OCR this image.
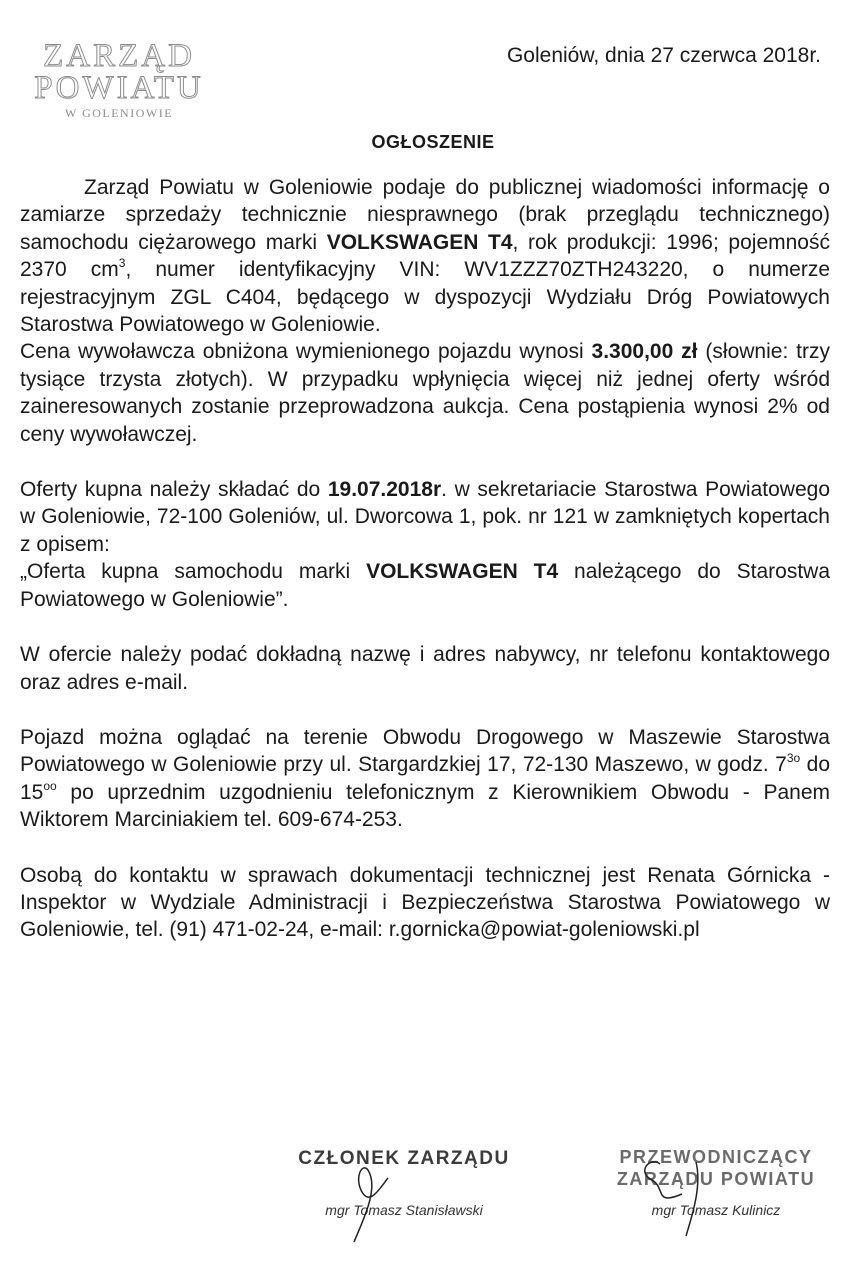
ZARZĄD
POWIATU
W GOLENIOWIE
Goleniów, dnia 27 czerwca 2018r.
OGŁOSZENIE

Zarząd Powiatu w Goleniowie podaje do publicznej wiadomości informację o zamiarze sprzedaży technicznie niesprawnego (brak przeglądu technicznego) samochodu ciężarowego marki VOLKSWAGEN T4, rok produkcji: 1996; pojemność 2370 $cm^3$, numer identyfikacyjny VIN: WV1ZZZ70ZTH243220, o numerze rejestracyjnym ZGL C404, będącego w dyspozycji Wydziału Dróg Powiatowych Starostwa Powiatowego w Goleniowie.

Cena wywoławcza obniżona wymienionego pojazdu wynosi 3.300,00 zł (słownie: trzy tysiące trzysta złotych). W przypadku wpłynięcia więcej niż jednej oferty wśród zaineresowanych zostanie przeprowadzona aukcja. Cena postąpienia wynosi 2% od ceny wywoławczej.

Oferty kupna należy składać do 19.07.2018r. w sekretariacie Starostwa Powiatowego w Goleniowie, 72-100 Goleniów, ul. Dworcowa 1, pok. nr 121 w zamkniętych kopertach z opisem:
„Oferta kupna samochodu marki VOLKSWAGEN T4 należącego do Starostwa Powiatowego w Goleniowie”.

W ofercie należy podać dokładną nazwę i adres nabywcy, nr telefonu kontaktowego oraz adres e-mail.

Pojazd można oglądać na terenie Obwodu Drogowego w Maszewie Starostwa Powiatowego w Goleniowie przy ul. Stargardzkiej 17, 72-130 Maszewo, w godz. $7^{3o}$ do $15^{oo}$ po uprzednim uzgodnieniu telefonicznym z Kierownikiem Obwodu - Panem Wiktorem Marciniakiem tel. 609-674-253.

Osobą do kontaktu w sprawach dokumentacji technicznej jest Renata Górnicka - Inspektor w Wydziale Administracji i Bezpieczeństwa Starostwa Powiatowego w Goleniowie, tel. (91) 471-02-24, e-mail: r.gornicka@powiat-goleniowski.pl

CZŁONEK ZARZĄDU
mgr Tomasz Stanisławski
PRZEWODNICZĄCY
ZARZĄDU POWIATU
mgr Tomasz Kulinicz
